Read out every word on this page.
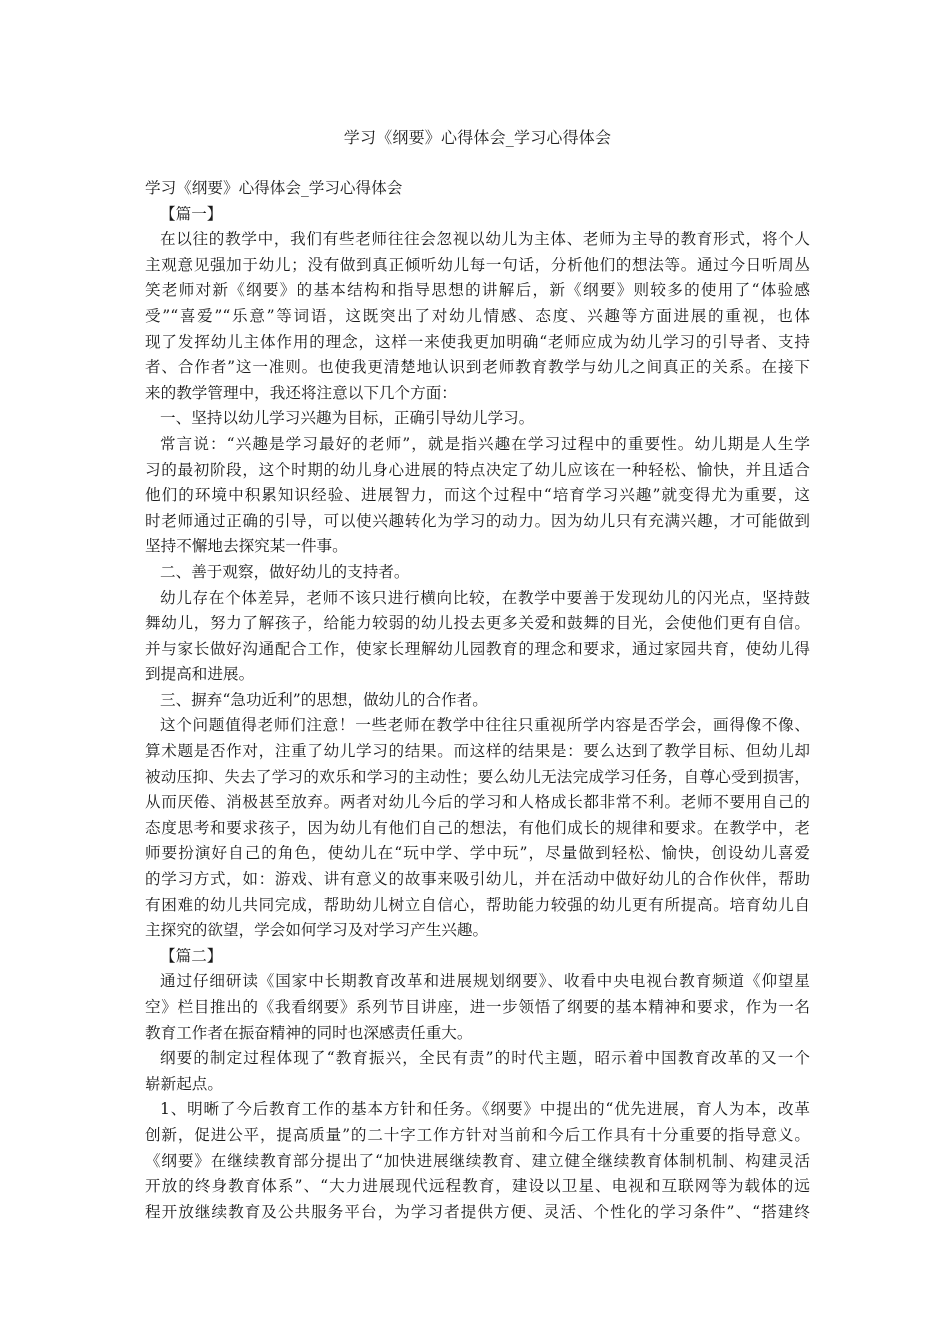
学习《纲要》心得体会_学习心得体会

学习《纲要》心得体会_学习心得体会

【篇一】

在以往的教学中，我们有些老师往往会忽视以幼儿为主体、老师为主导的教育形式，将个人

主观意见强加于幼儿；没有做到真正倾听幼儿每一句话，分析他们的想法等。通过今日听周丛

笑老师对新《纲要》的基本结构和指导思想的讲解后，新《纲要》则较多的使用了“体验感

受”“喜爱”“乐意”等词语，这既突出了对幼儿情感、态度、兴趣等方面进展的重视，也体

现了发挥幼儿主体作用的理念，这样一来使我更加明确“老师应成为幼儿学习的引导者、支持

者、合作者”这一准则。也使我更清楚地认识到老师教育教学与幼儿之间真正的关系。在接下

来的教学管理中，我还将注意以下几个方面：

一、坚持以幼儿学习兴趣为目标，正确引导幼儿学习。

常言说：“兴趣是学习最好的老师”，就是指兴趣在学习过程中的重要性。幼儿期是人生学

习的最初阶段，这个时期的幼儿身心进展的特点决定了幼儿应该在一种轻松、愉快，并且适合

他们的环境中积累知识经验、进展智力，而这个过程中“培育学习兴趣”就变得尤为重要，这

时老师通过正确的引导，可以使兴趣转化为学习的动力。因为幼儿只有充满兴趣，才可能做到

坚持不懈地去探究某一件事。

二、善于观察，做好幼儿的支持者。

幼儿存在个体差异，老师不该只进行横向比较，在教学中要善于发现幼儿的闪光点，坚持鼓

舞幼儿，努力了解孩子，给能力较弱的幼儿投去更多关爱和鼓舞的目光，会使他们更有自信。

并与家长做好沟通配合工作，使家长理解幼儿园教育的理念和要求，通过家园共育，使幼儿得

到提高和进展。

三、摒弃“急功近利”的思想，做幼儿的合作者。

这个问题值得老师们注意！一些老师在教学中往往只重视所学内容是否学会，画得像不像、

算术题是否作对，注重了幼儿学习的结果。而这样的结果是：要么达到了教学目标、但幼儿却

被动压抑、失去了学习的欢乐和学习的主动性；要么幼儿无法完成学习任务，自尊心受到损害，

从而厌倦、消极甚至放弃。两者对幼儿今后的学习和人格成长都非常不利。老师不要用自己的

态度思考和要求孩子，因为幼儿有他们自己的想法，有他们成长的规律和要求。在教学中，老

师要扮演好自己的角色，使幼儿在“玩中学、学中玩”，尽量做到轻松、愉快，创设幼儿喜爱

的学习方式，如：游戏、讲有意义的故事来吸引幼儿，并在活动中做好幼儿的合作伙伴，帮助

有困难的幼儿共同完成，帮助幼儿树立自信心，帮助能力较强的幼儿更有所提高。培育幼儿自

主探究的欲望，学会如何学习及对学习产生兴趣。

【篇二】

通过仔细研读《国家中长期教育改革和进展规划纲要》、收看中央电视台教育频道《仰望星

空》栏目推出的《我看纲要》系列节目讲座，进一步领悟了纲要的基本精神和要求，作为一名

教育工作者在振奋精神的同时也深感责任重大。

纲要的制定过程体现了“教育振兴，全民有责”的时代主题，昭示着中国教育改革的又一个

崭新起点。

1、明晰了今后教育工作的基本方针和任务。《纲要》中提出的“优先进展，育人为本，改革

创新，促进公平，提高质量”的二十字工作方针对当前和今后工作具有十分重要的指导意义。

《纲要》在继续教育部分提出了“加快进展继续教育、建立健全继续教育体制机制、构建灵活

开放的终身教育体系”、“大力进展现代远程教育，建设以卫星、电视和互联网等为载体的远

程开放继续教育及公共服务平台，为学习者提供方便、灵活、个性化的学习条件”、“搭建终
